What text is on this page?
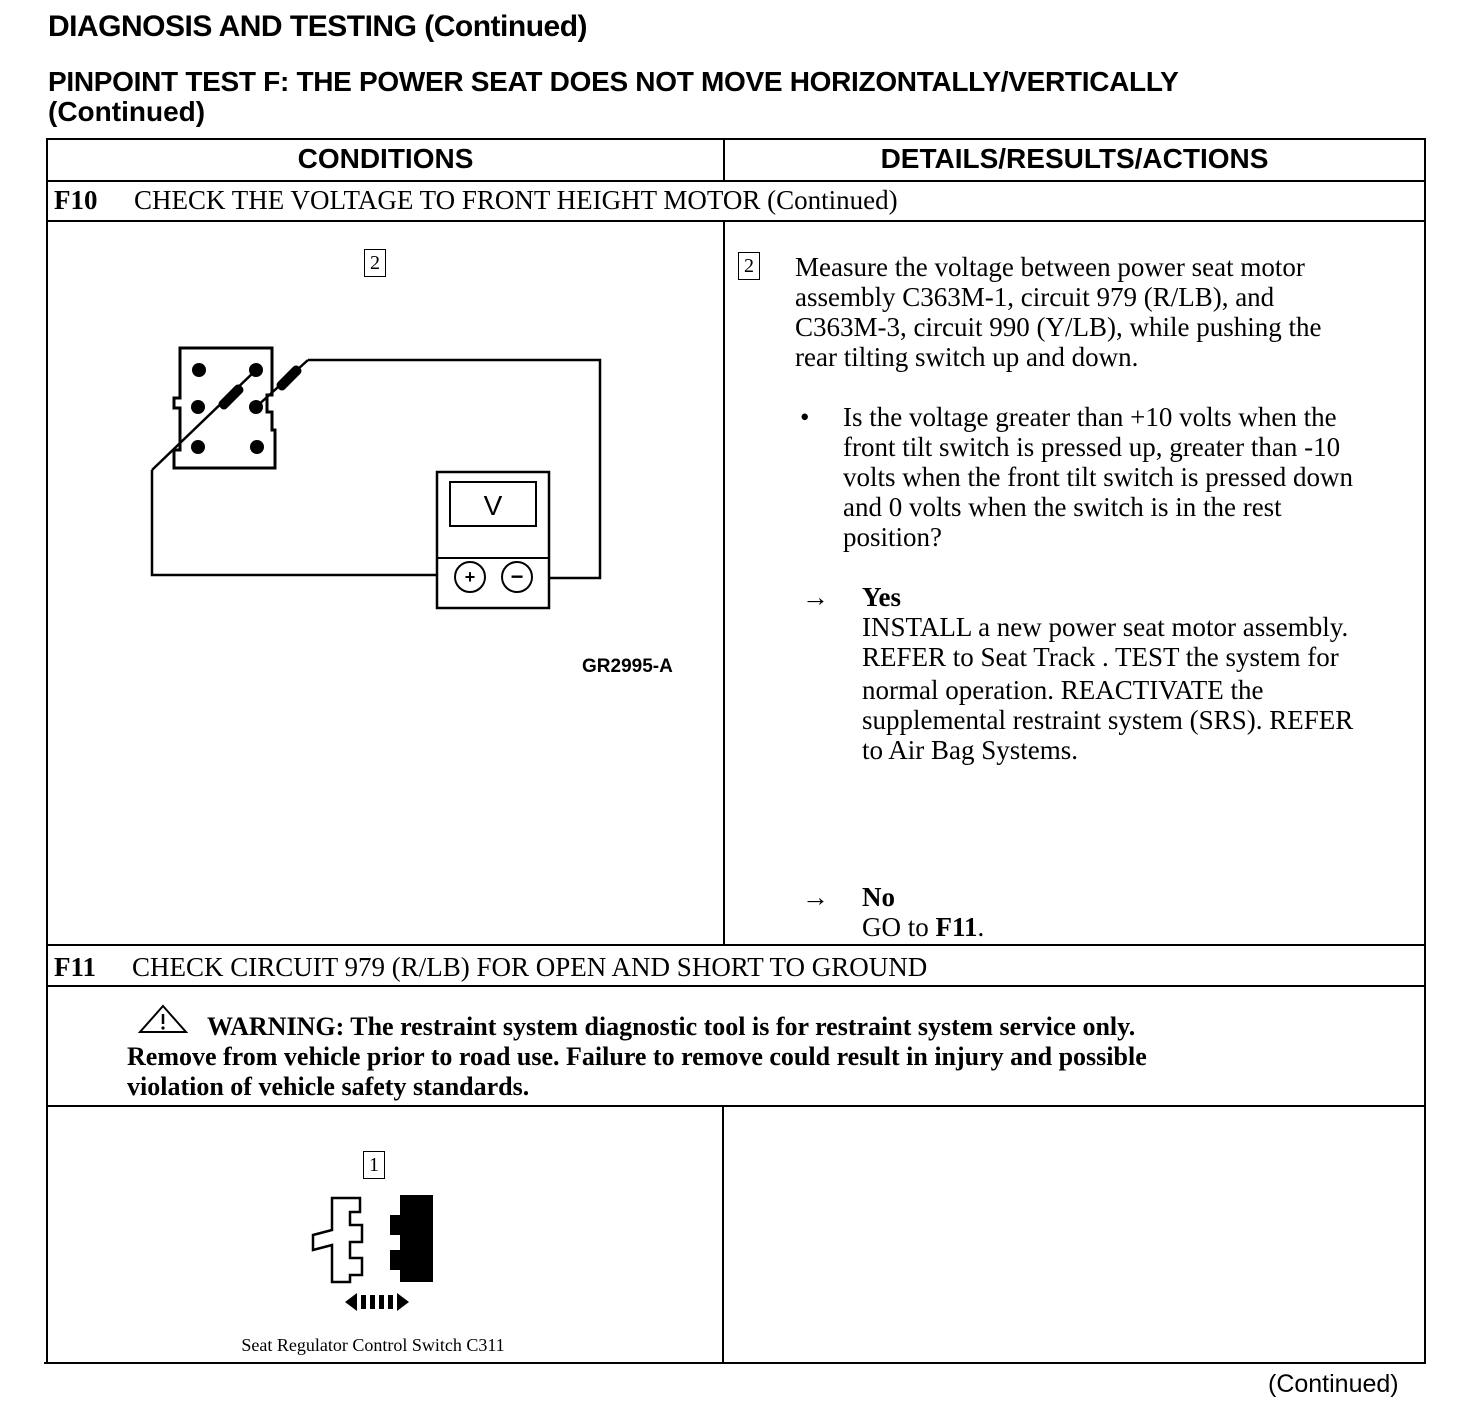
DIAGNOSIS AND TESTING (Continued)
PINPOINT TEST F: THE POWER SEAT DOES NOT MOVE HORIZONTALLY/VERTICALLY
(Continued)
CONDITIONS	DETAILS/RESULTS/ACTIONS
F10 CHECK THE VOLTAGE TO FRONT HEIGHT MOTOR (Continued)
2
V
+ −
GR2995-A
2 Measure the voltage between power seat motor
assembly C363M-1, circuit 979 (R/LB), and
C363M-3, circuit 990 (Y/LB), while pushing the
rear tilting switch up and down.
• Is the voltage greater than +10 volts when the
front tilt switch is pressed up, greater than -10
volts when the front tilt switch is pressed down
and 0 volts when the switch is in the rest
position?
→ Yes
INSTALL a new power seat motor assembly.
REFER to Seat Track . TEST the system for
normal operation. REACTIVATE the
supplemental restraint system (SRS). REFER
to Air Bag Systems.
→ No
GO to F11.
F11 CHECK CIRCUIT 979 (R/LB) FOR OPEN AND SHORT TO GROUND
WARNING: The restraint system diagnostic tool is for restraint system service only.
Remove from vehicle prior to road use. Failure to remove could result in injury and possible
violation of vehicle safety standards.
1
Seat Regulator Control Switch C311
(Continued)
